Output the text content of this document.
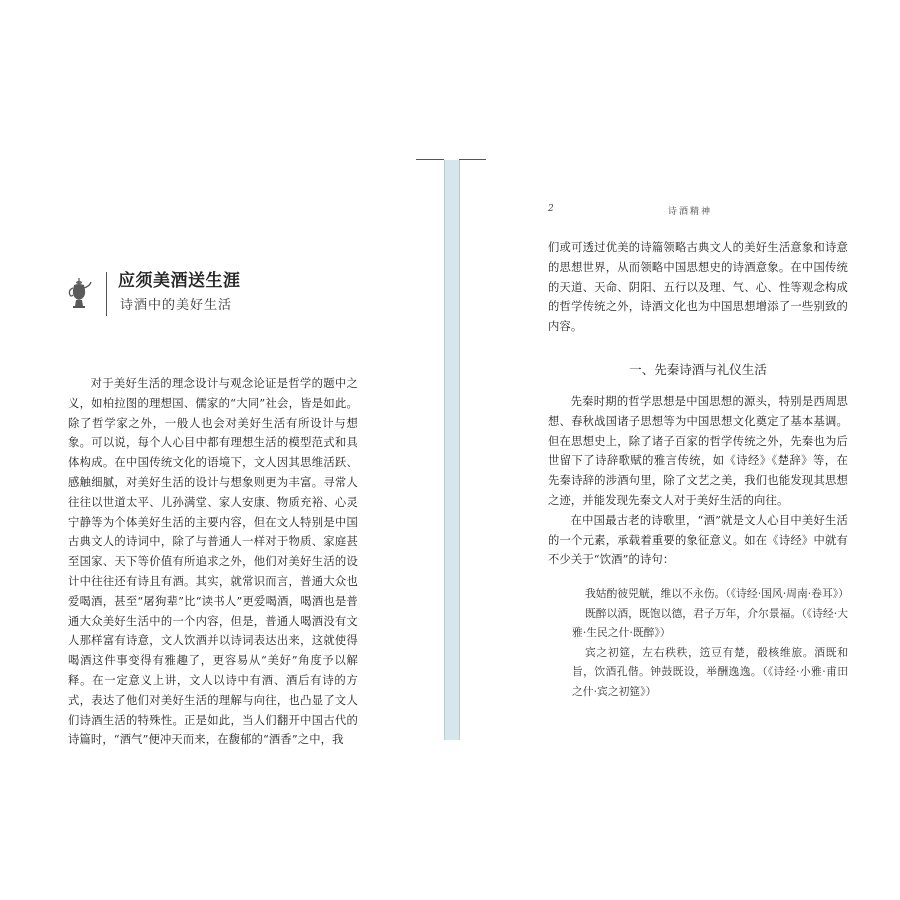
应须美酒送生涯
诗酒中的美好生活

对于美好生活的理念设计与观念论证是哲学的题中之义，如柏拉图的理想国、儒家的“大同”社会，皆是如此。除了哲学家之外，一般人也会对美好生活有所设计与想象。可以说，每个人心目中都有理想生活的模型范式和具体构成。在中国传统文化的语境下，文人因其思维活跃、感触细腻，对美好生活的设计与想象则更为丰富。寻常人往往以世道太平、儿孙满堂、家人安康、物质充裕、心灵宁静等为个体美好生活的主要内容，但在文人特别是中国古典文人的诗词中，除了与普通人一样对于物质、家庭甚至国家、天下等价值有所追求之外，他们对美好生活的设计中往往还有诗且有酒。其实，就常识而言，普通大众也爱喝酒，甚至“屠狗辈”比“读书人”更爱喝酒，喝酒也是普通大众美好生活中的一个内容，但是，普通人喝酒没有文人那样富有诗意，文人饮酒并以诗词表达出来，这就使得喝酒这件事变得有雅趣了，更容易从“美好”角度予以解释。在一定意义上讲，文人以诗中有酒、酒后有诗的方式，表达了他们对美好生活的理解与向往，也凸显了文人们诗酒生活的特殊性。正是如此，当人们翻开中国古代的诗篇时，“酒气”便冲天而来，在馥郁的“酒香”之中，我

2	诗酒精神

们或可透过优美的诗篇领略古典文人的美好生活意象和诗意的思想世界，从而领略中国思想史的诗酒意象。在中国传统的天道、天命、阴阳、五行以及理、气、心、性等观念构成的哲学传统之外，诗酒文化也为中国思想增添了一些别致的内容。

一、先秦诗酒与礼仪生活

先秦时期的哲学思想是中国思想的源头，特别是西周思想、春秋战国诸子思想等为中国思想文化奠定了基本基调。但在思想史上，除了诸子百家的哲学传统之外，先秦也为后世留下了诗辞歌赋的雅言传统，如《诗经》《楚辞》等，在先秦诗辞的涉酒句里，除了文艺之美，我们也能发现其思想之迹，并能发现先秦文人对于美好生活的向往。

在中国最古老的诗歌里，“酒”就是文人心目中美好生活的一个元素，承载着重要的象征意义。如在《诗经》中就有不少关于“饮酒”的诗句：

我姑酌彼兕觥，维以不永伤。（《诗经·国风·周南·卷耳》）

既醉以酒，既饱以德，君子万年，介尔景福。（《诗经·大雅·生民之什·既醉》）

宾之初筵，左右秩秩，笾豆有楚，殽核维旅。酒既和旨，饮酒孔偕。钟鼓既设，举酬逸逸。（《诗经·小雅·甫田之什·宾之初筵》）
